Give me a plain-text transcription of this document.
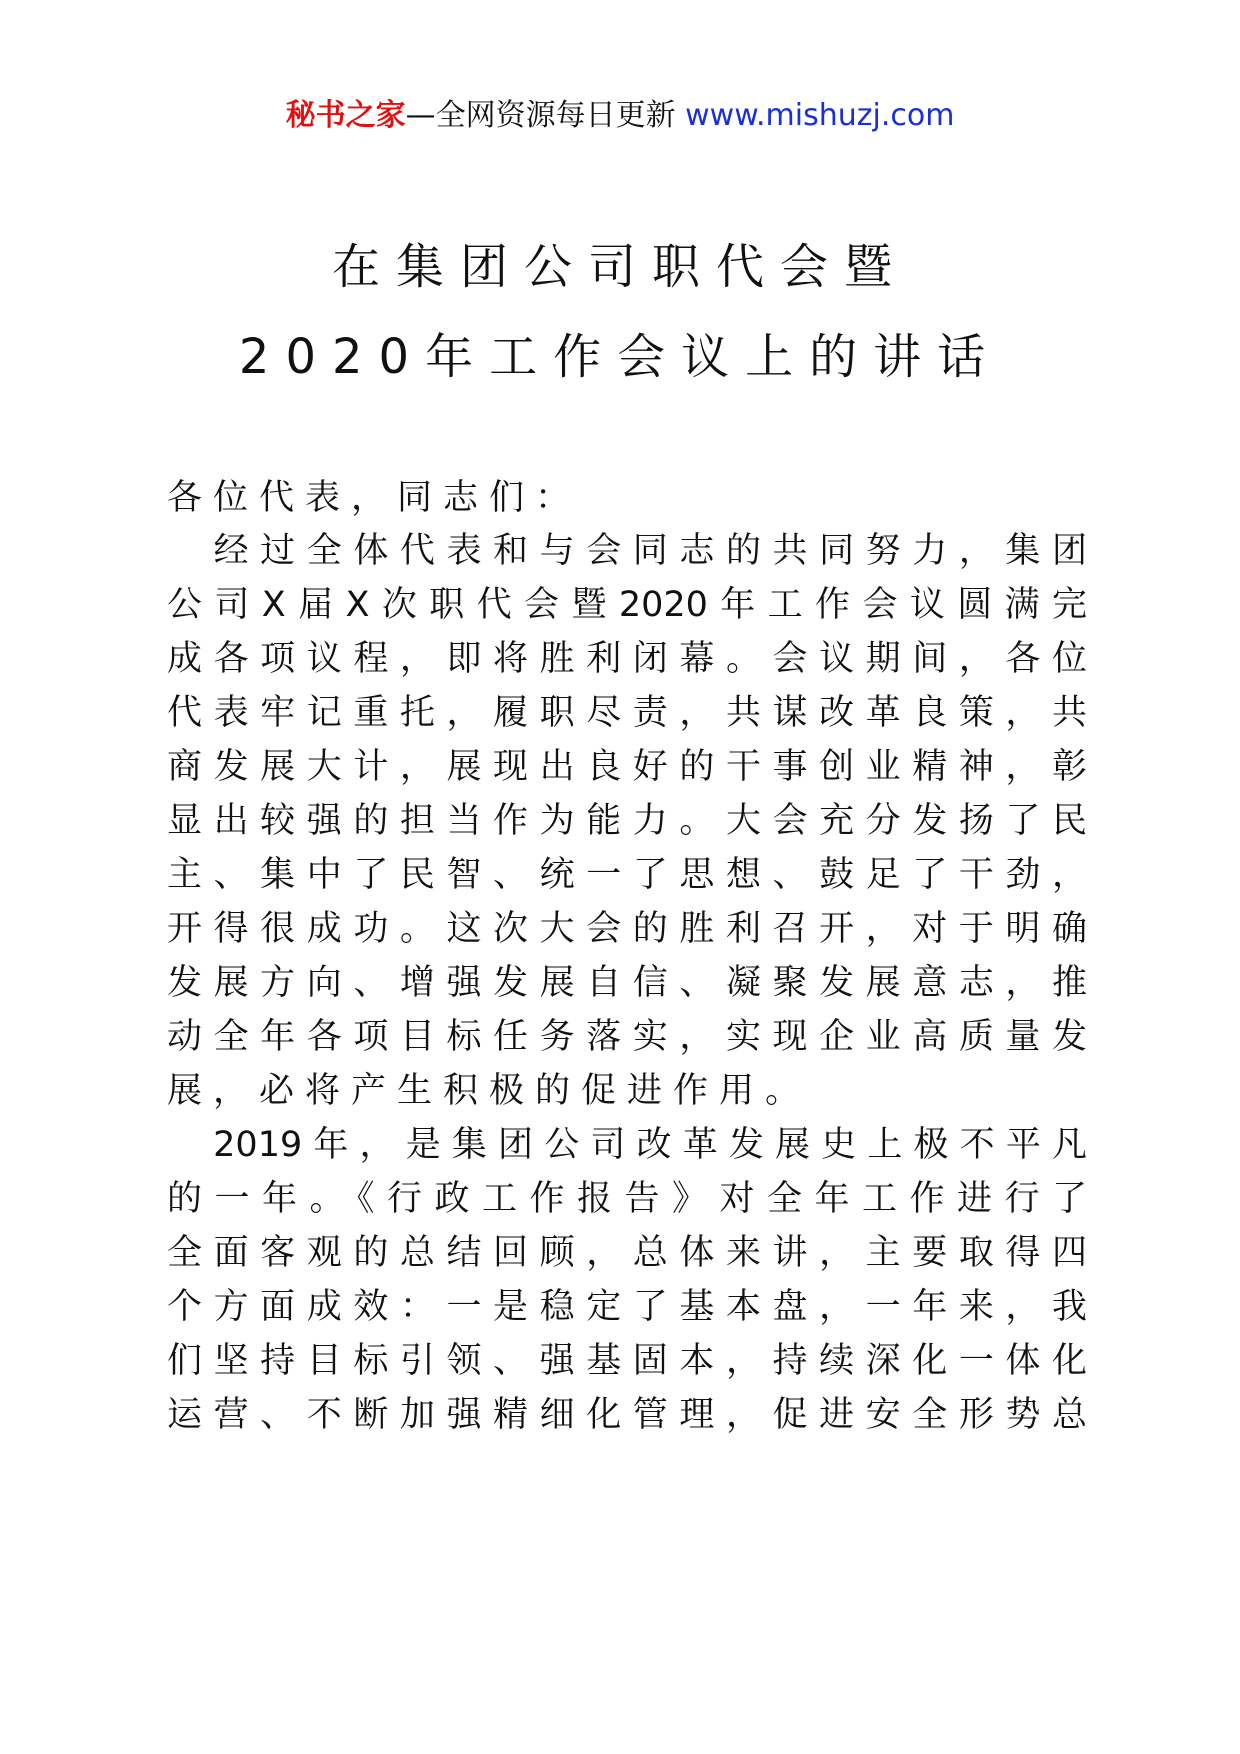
秘书之家—全网资源每日更新 www.mishuzj.com
在集团公司职代会暨
2020年工作会议上的讲话
各位代表，同志们：
　经过全体代表和与会同志的共同努力，集团
公司X届X次职代会暨2020年工作会议圆满完
成各项议程，即将胜利闭幕。会议期间，各位
代表牢记重托，履职尽责，共谋改革良策，共
商发展大计，展现出良好的干事创业精神，彰
显出较强的担当作为能力。大会充分发扬了民
主、集中了民智、统一了思想、鼓足了干劲，
开得很成功。这次大会的胜利召开，对于明确
发展方向、增强发展自信、凝聚发展意志，推
动全年各项目标任务落实，实现企业高质量发
展，必将产生积极的促进作用。
　2019年，是集团公司改革发展史上极不平凡
的一年。《行政工作报告》对全年工作进行了
全面客观的总结回顾，总体来讲，主要取得四
个方面成效：一是稳定了基本盘，一年来，我
们坚持目标引领、强基固本，持续深化一体化
运营、不断加强精细化管理，促进安全形势总
